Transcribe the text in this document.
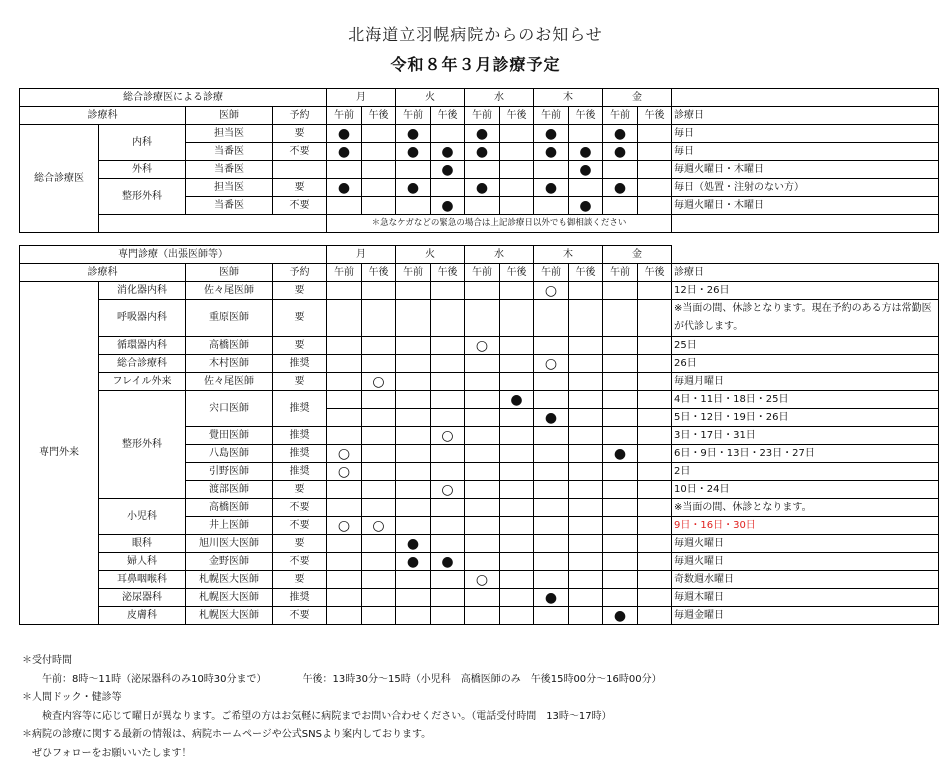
北海道立羽幌病院からのお知らせ
令和８年３月診療予定
総合診療医による診療				月		火		水		木		金		
診療科		医師	予約	午前	午後	午前	午後	午前	午後	午前	午後	午前	午後	診療日
総合診療医	内科	担当医	要	●		●		●		●		●		毎日
		当番医	不要	●		●	●	●		●	●	●		毎日
	外科	当番医					●				●			毎週火曜日・木曜日
	整形外科	担当医	要	●		●		●		●		●		毎日（処置・注射のない方）
		当番医	不要				●				●			毎週火曜日・木曜日
				＊急なケガなどの緊急の場合は上記診療日以外でも御相談ください										
専門診療（出張医師等）				月		火		水		木		金		
診療科		医師	予約	午前	午後	午前	午後	午前	午後	午前	午後	午前	午後	診療日
専門外来	消化器内科	佐々尾医師	要							○				12日・26日
	呼吸器内科	重原医師	要											※当面の間、休診となります。現在予約のある方は常勤医が代診します。
	循環器内科	高橋医師	要					○						25日
	総合診療科	木村医師	推奨							○				26日
	フレイル外来	佐々尾医師	要		○									毎週月曜日
	整形外科	宍口医師	推奨						●					4日・11日・18日・25日
										●				5日・12日・19日・26日
		覺田医師	推奨				○							3日・17日・31日
		八島医師	推奨	○								●		6日・9日・13日・23日・27日
		引野医師	推奨	○										2日
		渡部医師	要				○							10日・24日
	小児科	高橋医師	不要											※当面の間、休診となります。
		井上医師	不要	○	○									9日・16日・30日
	眼科	旭川医大医師	要			●								毎週火曜日
	婦人科	金野医師	不要			●	●							毎週火曜日
	耳鼻咽喉科	札幌医大医師	要					○						奇数週水曜日
	泌尿器科	札幌医大医師	推奨							●				毎週木曜日
	皮膚科	札幌医大医師	不要									●		毎週金曜日
＊受付時間
午前：8時～11時（泌尿器科のみ10時30分まで）	午後：13時30分～15時（小児科　高橋医師のみ　午後15時00分～16時00分）
＊人間ドック・健診等
検査内容等に応じて曜日が異なります。ご希望の方はお気軽に病院までお問い合わせください。（電話受付時間　13時～17時）
＊病院の診療に関する最新の情報は、病院ホームページや公式SNSより案内しております。
ぜひフォローをお願いいたします！
